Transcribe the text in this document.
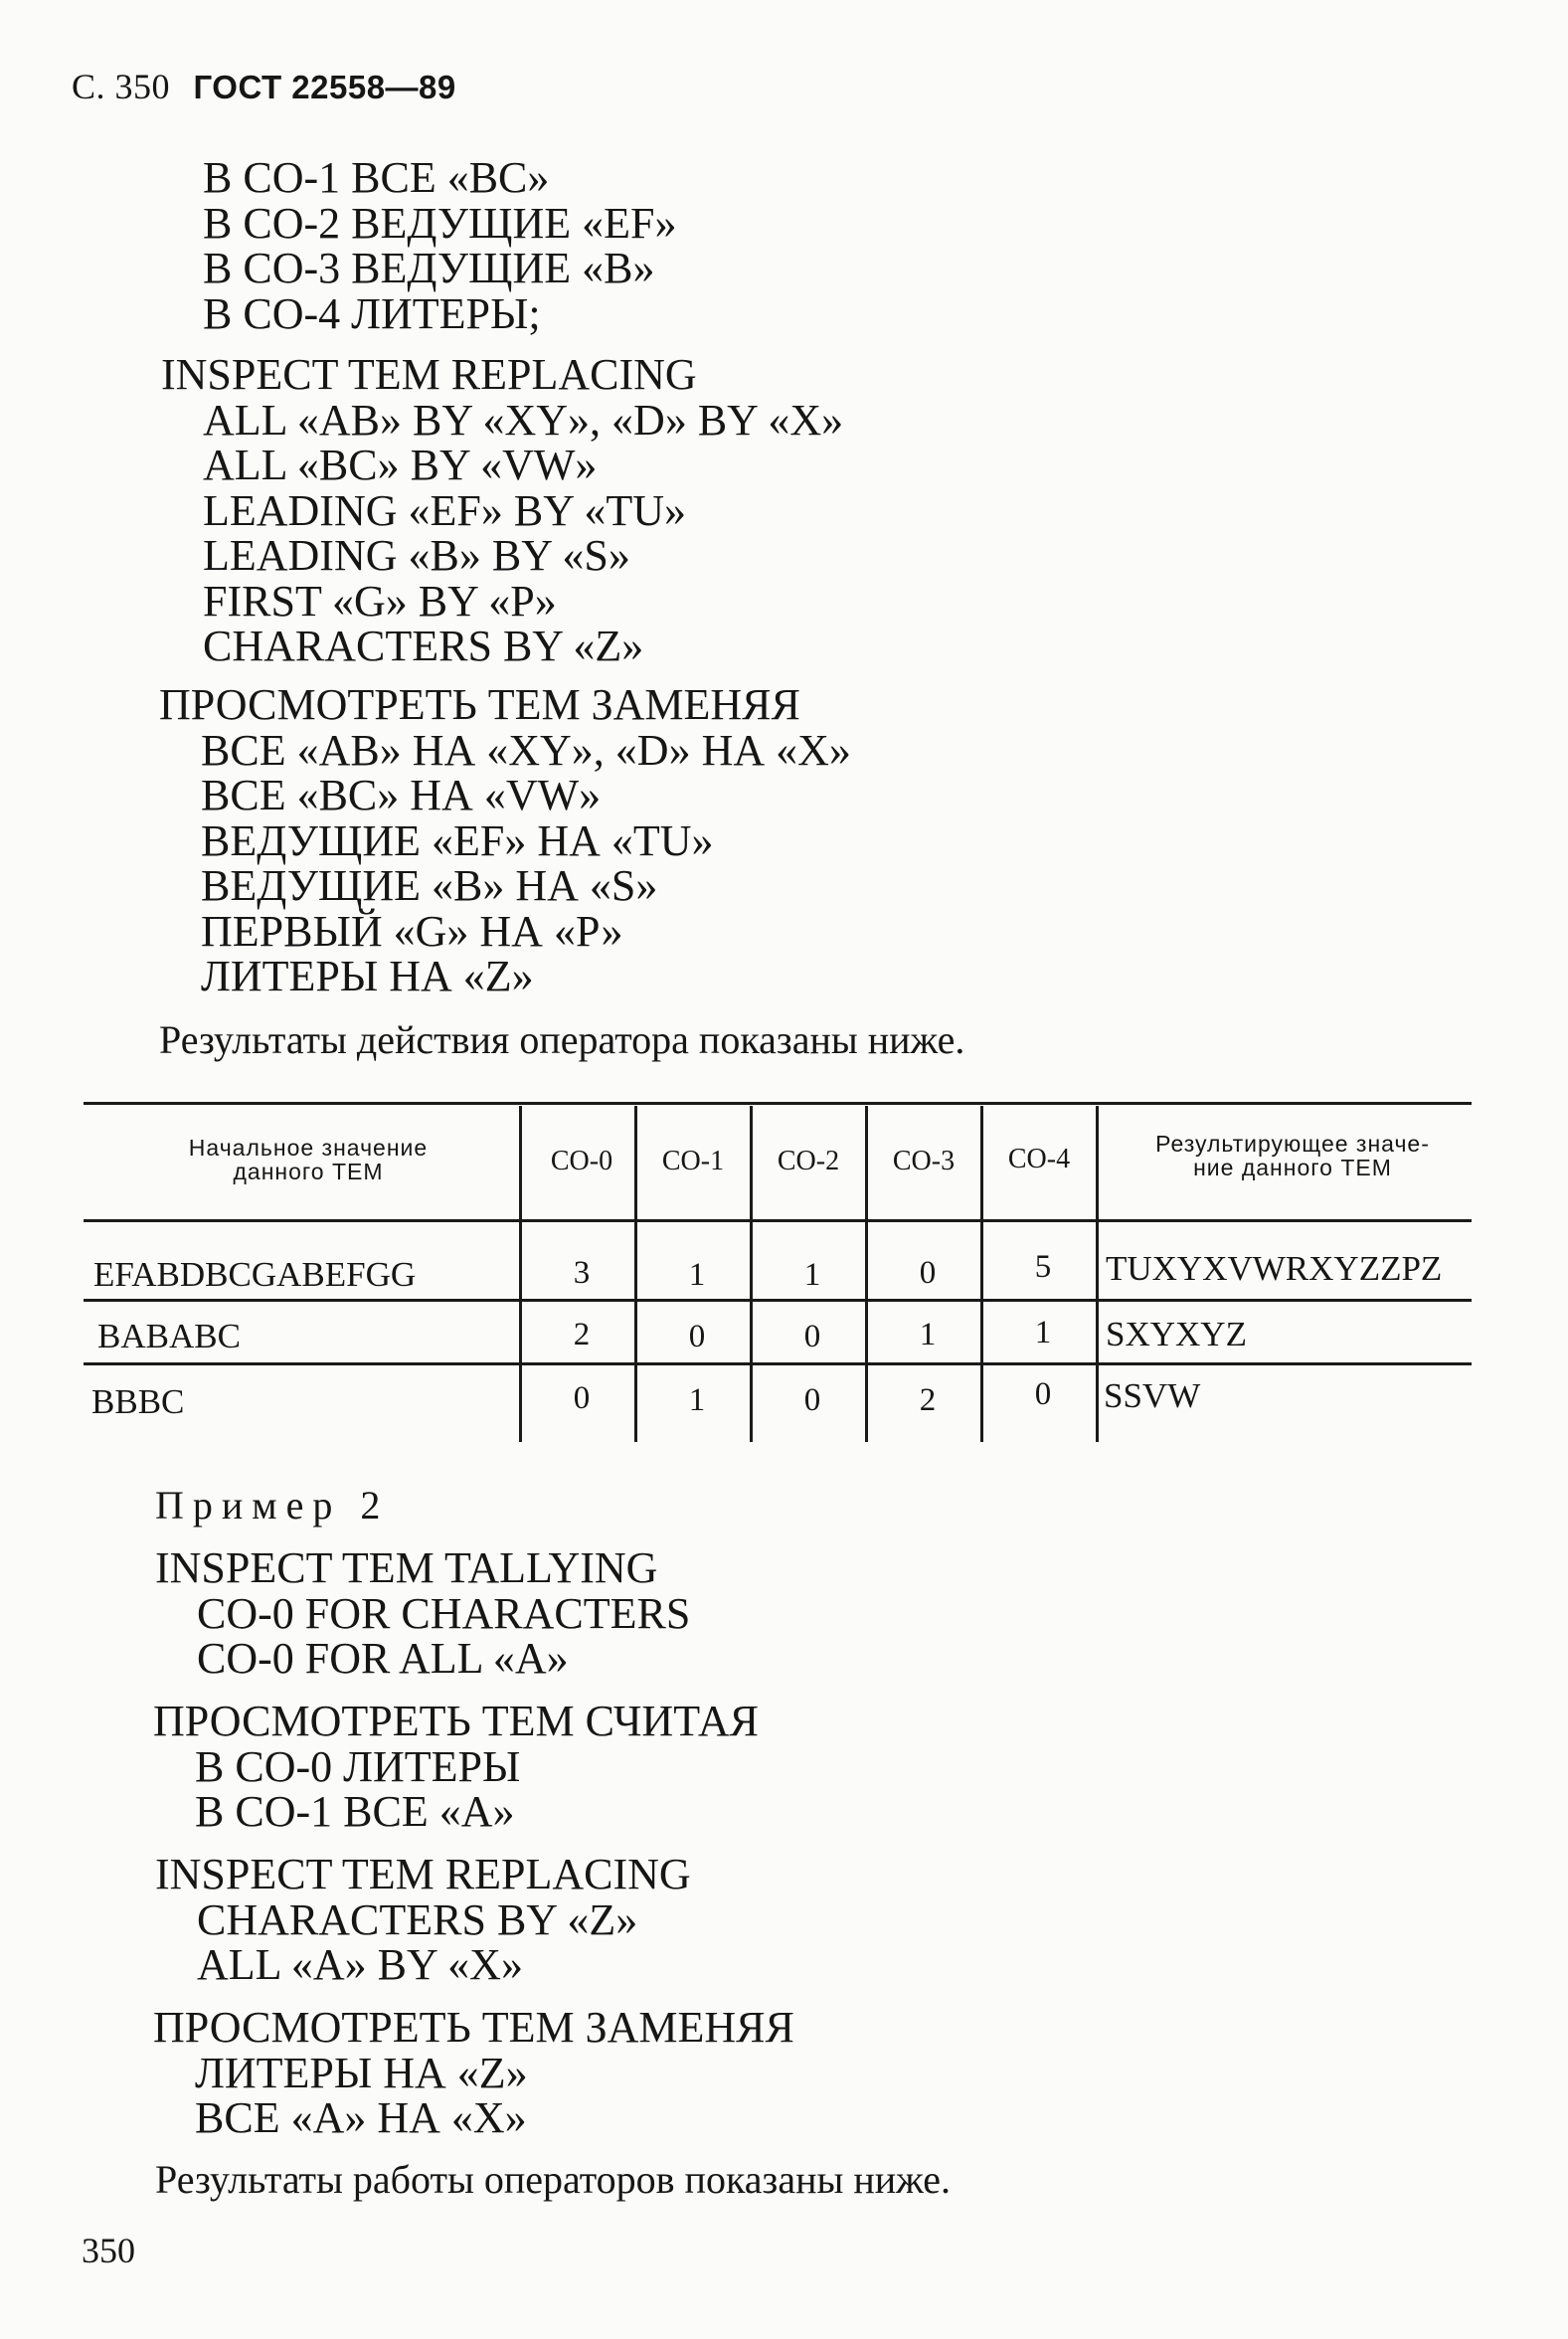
С. 350 ГОСТ 22558—89
В СО-1 ВСЕ «ВС»
В СО-2 ВЕДУЩИЕ «EF»
В СО-3 ВЕДУЩИЕ «В»
В СО-4 ЛИТЕРЫ;
INSPECT TEM REPLACING
ALL «AB» BY «XY», «D» BY «X»
ALL «BC» BY «VW»
LEADING «EF» BY «TU»
LEADING «B» BY «S»
FIRST «G» BY «P»
CHARACTERS BY «Z»
ПРОСМОТРЕТЬ ТЕМ ЗАМЕНЯЯ
ВСЕ «АВ» НА «XY», «D» НА «X»
ВСЕ «ВС» НА «VW»
ВЕДУЩИЕ «EF» НА «TU»
ВЕДУЩИЕ «В» НА «S»
ПЕРВЫЙ «G» НА «Р»
ЛИТЕРЫ НА «Z»
Результаты действия оператора показаны ниже.
Начальное значение
данного ТЕМ	СО-0	СО-1	СО-2	СО-3	СО-4	Результирующее значе-
ние данного ТЕМ
EFABDBCGABEFGG	3	1	1	0	5	TUXYXVWRXYZZPZ
BABABC	2	0	0	1	1	SXYXYZ
BBBC	0	1	0	2	0	SSVW
Пример 2
INSPECT TEM TALLYING
CO-0 FOR CHARACTERS
CO-0 FOR ALL «A»
ПРОСМОТРЕТЬ ТЕМ СЧИТАЯ
В СО-0 ЛИТЕРЫ
В СО-1 ВСЕ «А»
INSPECT TEM REPLACING
CHARACTERS BY «Z»
ALL «A» BY «X»
ПРОСМОТРЕТЬ ТЕМ ЗАМЕНЯЯ
ЛИТЕРЫ НА «Z»
ВСЕ «А» НА «Х»
Результаты работы операторов показаны ниже.
350
